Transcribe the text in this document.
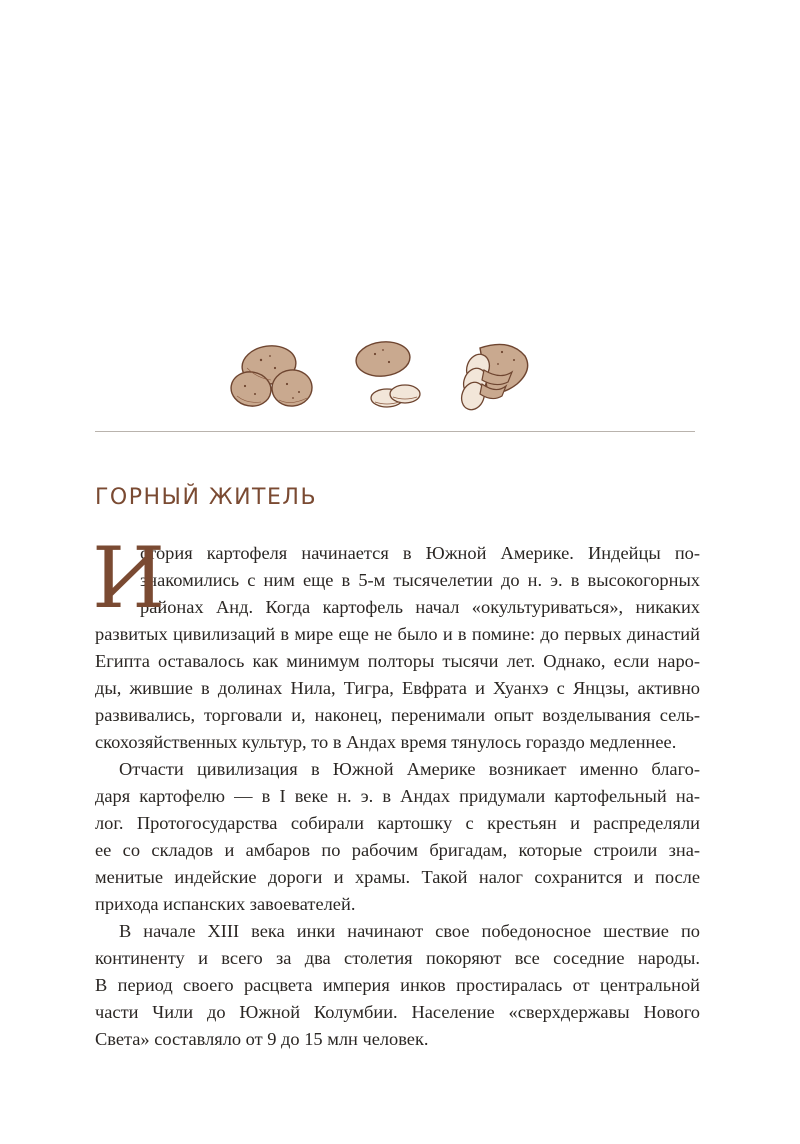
ГОРНЫЙ ЖИТЕЛЬ
И
стория картофеля начинается в Южной Америке. Индейцы по-
знакомились с ним еще в 5-м тысячелетии до н. э. в высокогорных
районах Анд. Когда картофель начал «окультуриваться», никаких
развитых цивилизаций в мире еще не было и в помине: до первых династий
Египта оставалось как минимум полторы тысячи лет. Однако, если наро-
ды, жившие в долинах Нила, Тигра, Евфрата и Хуанхэ с Янцзы, активно
развивались, торговали и, наконец, перенимали опыт возделывания сель-
скохозяйственных культур, то в Андах время тянулось гораздо медленнее.
Отчасти цивилизация в Южной Америке возникает именно благо-
даря картофелю — в I веке н. э. в Андах придумали картофельный на-
лог. Протогосударства собирали картошку с крестьян и распределяли
ее со складов и амбаров по рабочим бригадам, которые строили зна-
менитые индейские дороги и храмы. Такой налог сохранится и после
прихода испанских завоевателей.
В начале XIII века инки начинают свое победоносное шествие по
континенту и всего за два столетия покоряют все соседние народы.
В период своего расцвета империя инков простиралась от центральной
части Чили до Южной Колумбии. Население «сверхдержавы Нового
Света» составляло от 9 до 15 млн человек.
